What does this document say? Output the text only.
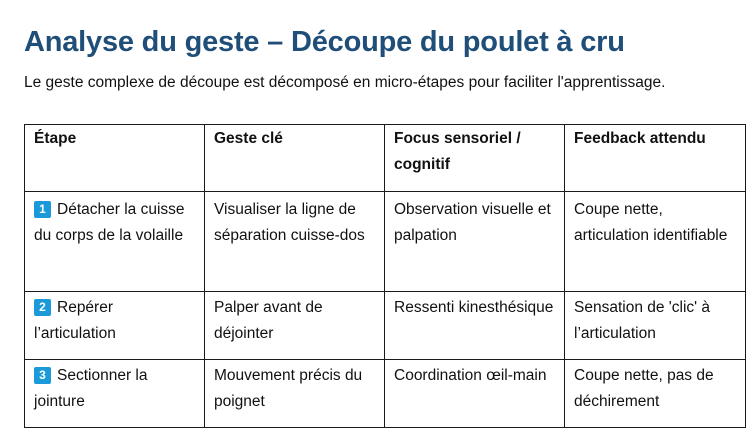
Analyse du geste – Découpe du poulet à cru

Le geste complexe de découpe est décomposé en micro-étapes pour faciliter l'apprentissage.

Étape	Geste clé	Focus sensoriel / cognitif	Feedback attendu
1 Détacher la cuisse du corps de la volaille	Visualiser la ligne de séparation cuisse-dos	Observation visuelle et palpation	Coupe nette, articulation identifiable
2 Repérer l’articulation	Palper avant de déjointer	Ressenti kinesthésique	Sensation de 'clic' à l’articulation
3 Sectionner la jointure	Mouvement précis du poignet	Coordination œil-main	Coupe nette, pas de déchirement
